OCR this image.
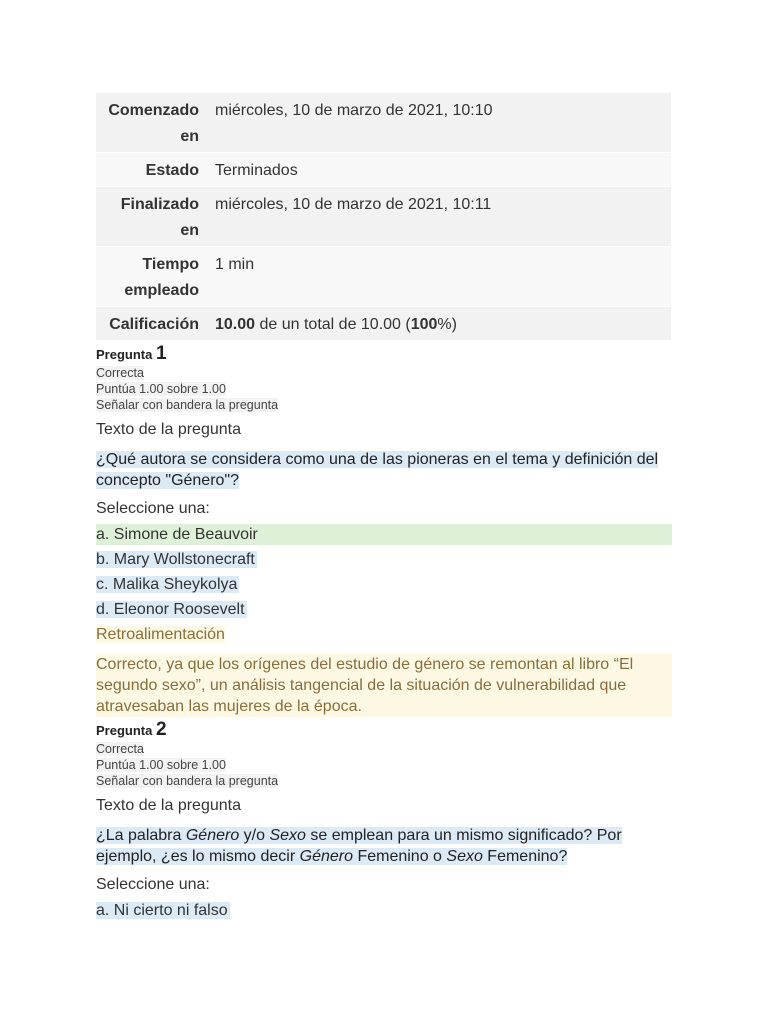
Comenzado en	miércoles, 10 de marzo de 2021, 10:10
Estado	Terminados
Finalizado en	miércoles, 10 de marzo de 2021, 10:11
Tiempo empleado	1 min
Calificación	10.00 de un total de 10.00 (100%)
Pregunta 1
Correcta
Puntúa 1.00 sobre 1.00
Señalar con bandera la pregunta
Texto de la pregunta
¿Qué autora se considera como una de las pioneras en el tema y definición del concepto "Género"?
Seleccione una:
a. Simone de Beauvoir
b. Mary Wollstonecraft
c. Malika Sheykolya
d. Eleonor Roosevelt
Retroalimentación
Correcto, ya que los orígenes del estudio de género se remontan al libro “El segundo sexo”, un análisis tangencial de la situación de vulnerabilidad que atravesaban las mujeres de la época.
Pregunta 2
Correcta
Puntúa 1.00 sobre 1.00
Señalar con bandera la pregunta
Texto de la pregunta
¿La palabra Género y/o Sexo se emplean para un mismo significado? Por ejemplo, ¿es lo mismo decir Género Femenino o Sexo Femenino?
Seleccione una:
a. Ni cierto ni falso
